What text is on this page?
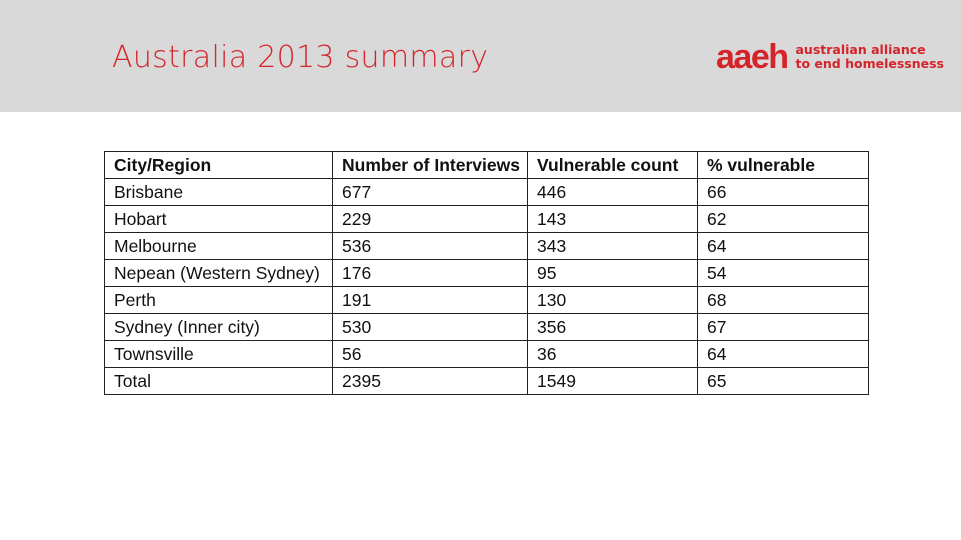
Australia 2013 summary	aaeh australian alliance
to end homelessness
City/Region	Number of Interviews	Vulnerable count	% vulnerable
Brisbane	677	446	66
Hobart	229	143	62
Melbourne	536	343	64
Nepean (Western Sydney)	176	95	54
Perth	191	130	68
Sydney (Inner city)	530	356	67
Townsville	56	36	64
Total	2395	1549	65
